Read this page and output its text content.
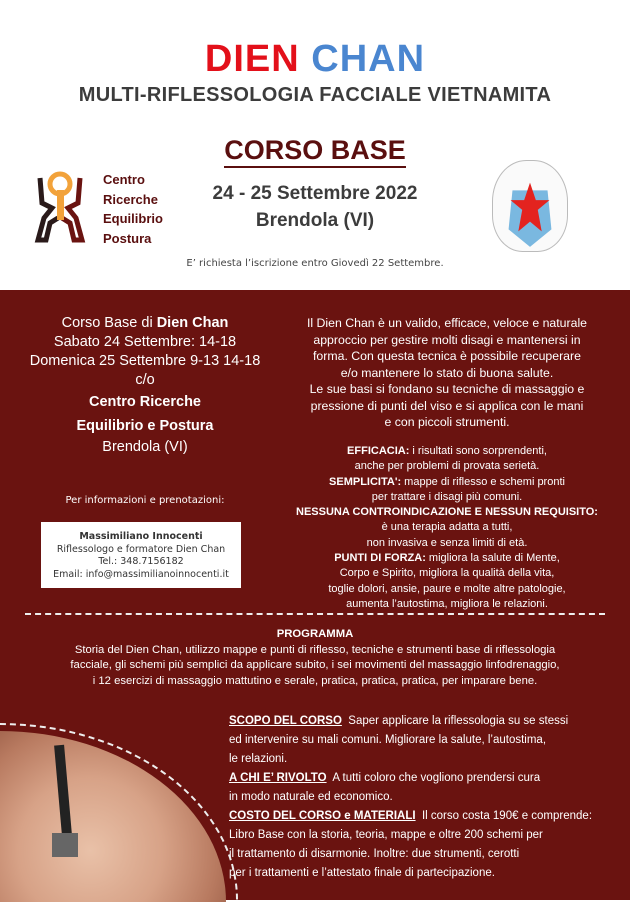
DIEN CHAN
MULTI-RIFLESSOLOGIA FACCIALE VIETNAMITA
CORSO BASE
Centro
Ricerche
Equilibrio
Postura
24 - 25 Settembre 2022
Brendola (VI)
E’ richiesta l’iscrizione entro Giovedì 22 Settembre.
Corso Base di Dien Chan
Sabato 24 Settembre: 14-18
Domenica 25 Settembre 9-13 14-18
c/o
Centro Ricerche
Equilibrio e Postura
Brendola (VI)
Per informazioni e prenotazioni:
Massimiliano Innocenti
Riflessologo e formatore Dien Chan
Tel.: 348.7156182
Email: info@massimilianoinnocenti.it
Il Dien Chan è un valido, efficace, veloce e naturale
approccio per gestire molti disagi e mantenersi in
forma. Con questa tecnica è possibile recuperare
e/o mantenere lo stato di buona salute.
Le sue basi si fondano su tecniche di massaggio e
pressione di punti del viso e si applica con le mani
e con piccoli strumenti.
EFFICACIA: i risultati sono sorprendenti,
anche per problemi di provata serietà.
SEMPLICITA': mappe di riflesso e schemi pronti
per trattare i disagi più comuni.
NESSUNA CONTROINDICAZIONE E NESSUN REQUISITO:
è una terapia adatta a tutti,
non invasiva e senza limiti di età.
PUNTI DI FORZA: migliora la salute di Mente,
Corpo e Spirito, migliora la qualità della vita,
toglie dolori, ansie, paure e molte altre patologie,
aumenta l’autostima, migliora le relazioni.
PROGRAMMA
Storia del Dien Chan, utilizzo mappe e punti di riflesso, tecniche e strumenti base di riflessologia
facciale, gli schemi più semplici da applicare subito, i sei movimenti del massaggio linfodrenaggio,
i 12 esercizi di massaggio mattutino e serale, pratica, pratica, pratica, per imparare bene.
SCOPO DEL CORSO Saper applicare la riflessologia su se stessi
ed intervenire su mali comuni. Migliorare la salute, l’autostima,
le relazioni.
A CHI E’ RIVOLTO A tutti coloro che vogliono prendersi cura
in modo naturale ed economico.
COSTO DEL CORSO e MATERIALI Il corso costa 190€ e comprende:
Libro Base con la storia, teoria, mappe e oltre 200 schemi per
il trattamento di disarmonie. Inoltre: due strumenti, cerotti
per i trattamenti e l’attestato finale di partecipazione.
